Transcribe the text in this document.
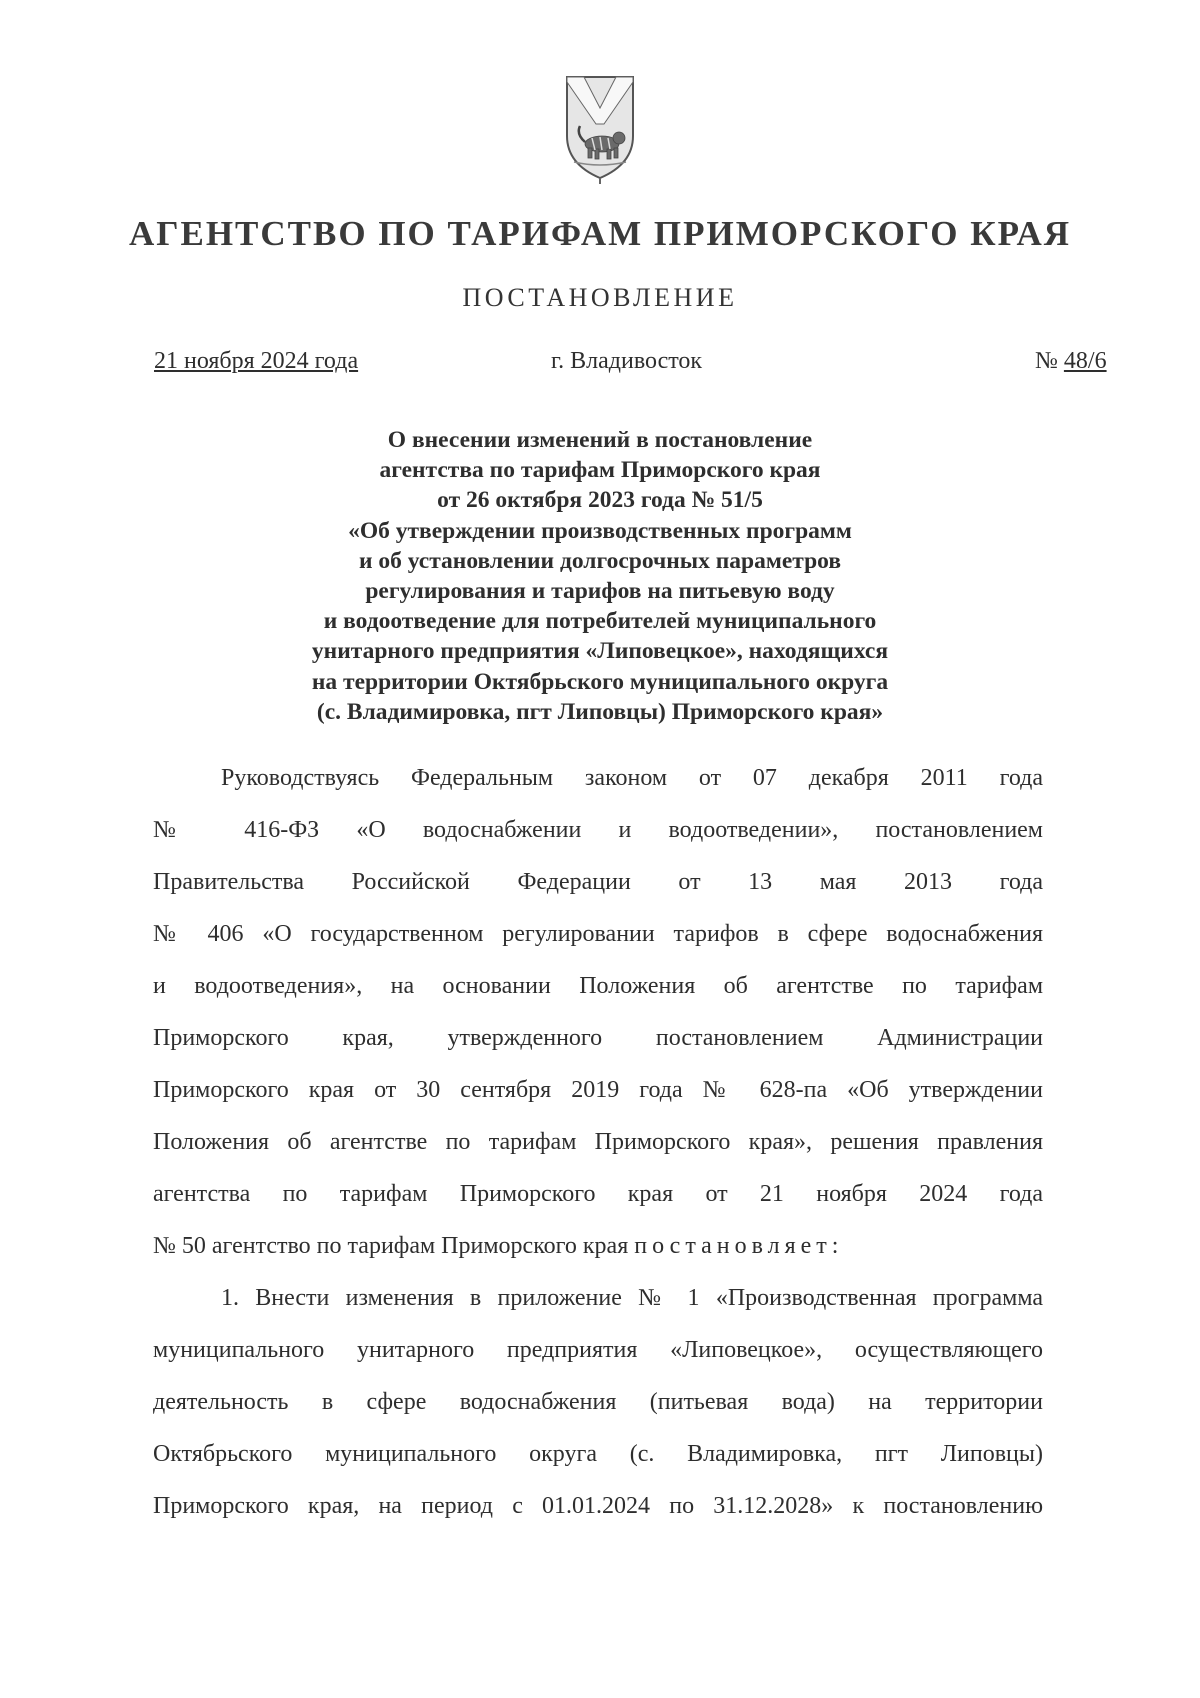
АГЕНТСТВО ПО ТАРИФАМ ПРИМОРСКОГО КРАЯ
ПОСТАНОВЛЕНИЕ
21 ноября 2024 года	г. Владивосток	№ 48/6
О внесении изменений в постановление
агентства по тарифам Приморского края
от 26 октября 2023 года № 51/5
«Об утверждении производственных программ
и об установлении долгосрочных параметров
регулирования и тарифов на питьевую воду
и водоотведение для потребителей муниципального
унитарного предприятия «Липовецкое», находящихся
на территории Октябрьского муниципального округа
(с. Владимировка, пгт Липовцы) Приморского края»
Руководствуясь Федеральным законом от 07 декабря 2011 года
№ 416-ФЗ «О водоснабжении и водоотведении», постановлением
Правительства Российской Федерации от 13 мая 2013 года
№ 406 «О государственном регулировании тарифов в сфере водоснабжения
и водоотведения», на основании Положения об агентстве по тарифам
Приморского края, утвержденного постановлением Администрации
Приморского края от 30 сентября 2019 года № 628-па «Об утверждении
Положения об агентстве по тарифам Приморского края», решения правления
агентства по тарифам Приморского края от 21 ноября 2024 года
№ 50 агентство по тарифам Приморского края постановляет:
1. Внести изменения в приложение № 1 «Производственная программа
муниципального унитарного предприятия «Липовецкое», осуществляющего
деятельность в сфере водоснабжения (питьевая вода) на территории
Октябрьского муниципального округа (с. Владимировка, пгт Липовцы)
Приморского края, на период с 01.01.2024 по 31.12.2028» к постановлению
